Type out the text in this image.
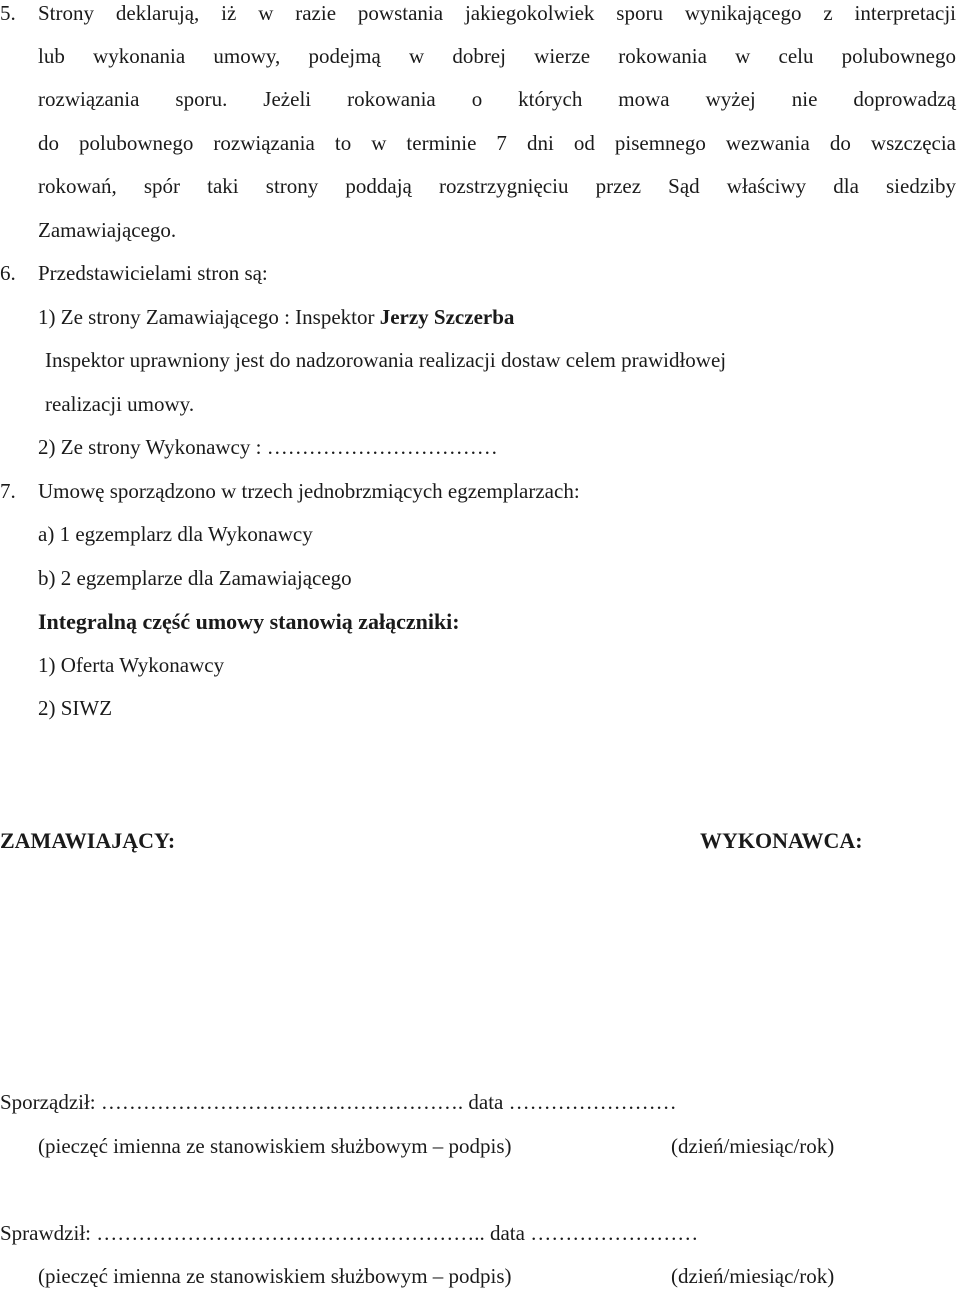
5. Strony deklarują, iż w razie powstania jakiegokolwiek sporu wynikającego z interpretacji
lub wykonania umowy, podejmą w dobrej wierze rokowania w celu polubownego
rozwiązania sporu. Jeżeli rokowania o których mowa wyżej nie doprowadzą
do polubownego rozwiązania to w terminie 7 dni od pisemnego wezwania do wszczęcia
rokowań, spór taki strony poddają rozstrzygnięciu przez Sąd właściwy dla siedziby
Zamawiającego.
6. Przedstawicielami stron są:
1) Ze strony Zamawiającego : Inspektor Jerzy Szczerba
Inspektor uprawniony jest do nadzorowania realizacji dostaw celem prawidłowej
realizacji umowy.
2) Ze strony Wykonawcy : ……………………………
7. Umowę sporządzono w trzech jednobrzmiących egzemplarzach:
a) 1 egzemplarz dla Wykonawcy
b) 2 egzemplarze dla Zamawiającego
Integralną część umowy stanowią załączniki:
1) Oferta Wykonawcy
2) SIWZ
ZAMAWIAJĄCY:	WYKONAWCA:
Sporządził: ……………………………………………. data ……………………
(pieczęć imienna ze stanowiskiem służbowym – podpis)	(dzień/miesiąc/rok)
Sprawdził: ……………………………………………….. data ……………………
(pieczęć imienna ze stanowiskiem służbowym – podpis)	(dzień/miesiąc/rok)
